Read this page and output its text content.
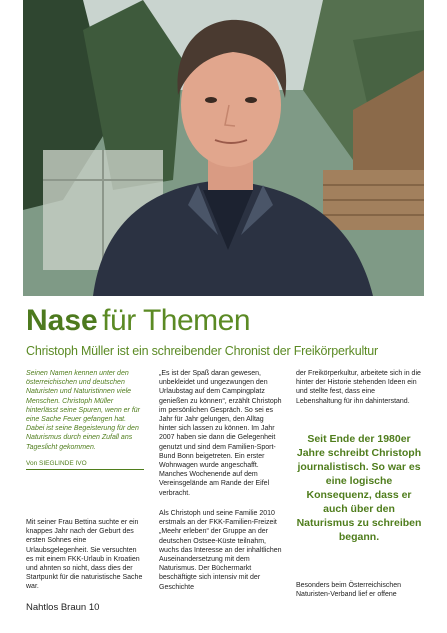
Nase für Themen
Christoph Müller ist ein schreibender Chronist der Freikörperkultur

Seinen Namen kennen unter den österreichischen und deutschen Naturisten und Naturistinnen viele Menschen. Christoph Müller hinterlässt seine Spuren, wenn er für eine Sache Feuer gefangen hat. Dabei ist seine Begeisterung für den Naturismus durch einen Zufall ans Tageslicht gekommen.

Von SIEGLINDE IVO

Mit seiner Frau Bettina suchte er ein knappes Jahr nach der Geburt des ersten Sohnes eine Urlaubsgelegenheit. Sie versuchten es mit einem FKK-Urlaub in Kroatien und ahnten so nicht, dass dies der Startpunkt für die naturistische Sache war.

„Es ist der Spaß daran gewesen, unbekleidet und ungezwungen den Urlaubstag auf dem Campingplatz genießen zu können“, erzählt Christoph im persönlichen Gespräch. So sei es Jahr für Jahr gelungen, den Alltag hinter sich lassen zu können. Im Jahr 2007 haben sie dann die Gelegenheit genutzt und sind dem Familien-Sport-Bund Bonn beigetreten. Ein erster Wohnwagen wurde angeschafft. Manches Wochenende auf dem Vereinsgelände am Rande der Eifel verbracht.

Als Christoph und seine Familie 2010 erstmals an der FKK-Familien-Freizeit „Meehr erleben“ der Gruppe an der deutschen Ostsee-Küste teilnahm, wuchs das Interesse an der inhaltlichen Auseinandersetzung mit dem Naturismus. Der Büchermarkt beschäftigte sich intensiv mit der Geschichte

der Freikörperkultur, arbeitete sich in die hinter der Historie stehenden Ideen ein und stellte fest, dass eine Lebenshaltung für ihn dahinterstand.

Seit Ende der 1980er Jahre schreibt Christoph journalistisch. So war es eine logische Konsequenz, dass er auch über den Naturismus zu schreiben begann.

Besonders beim Österreichischen Naturisten-Verband lief er offene

Nahtlos Braun 10
